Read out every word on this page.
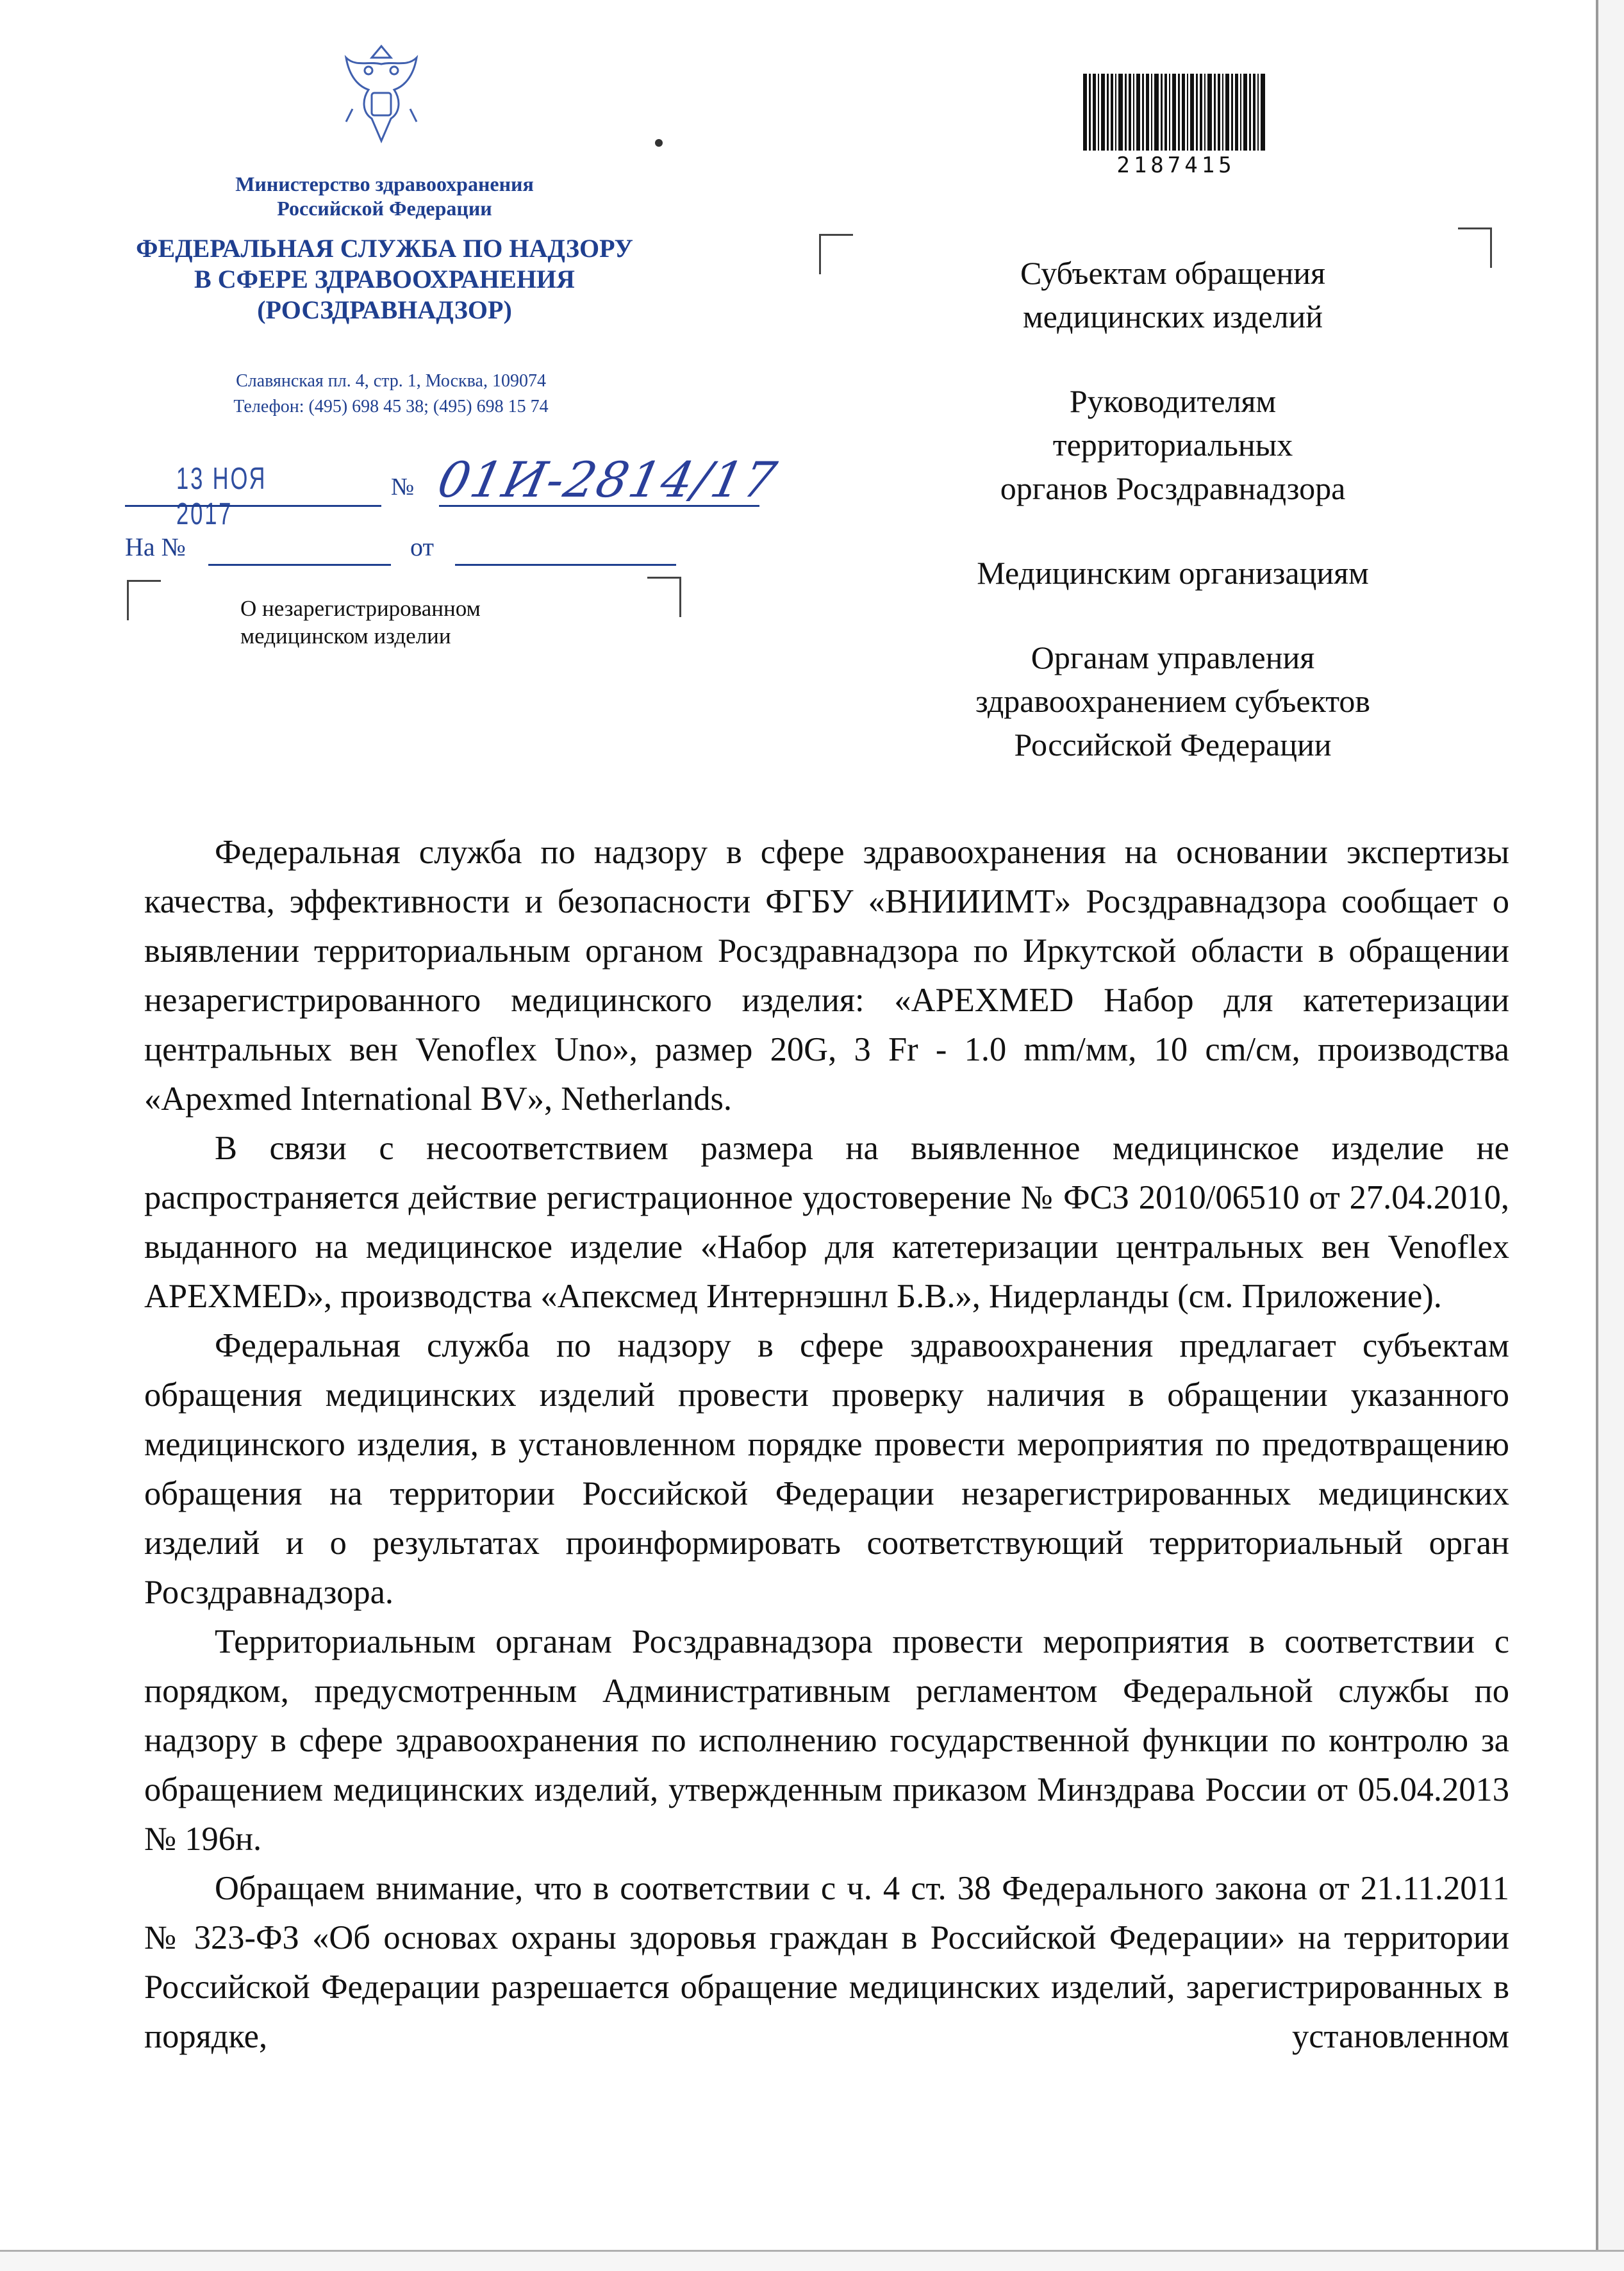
Министерство здравоохранения
Российской Федерации
ФЕДЕРАЛЬНАЯ СЛУЖБА ПО НАДЗОРУ
В СФЕРЕ ЗДРАВООХРАНЕНИЯ
(РОСЗДРАВНАДЗОР)
Славянская пл. 4, стр. 1, Москва, 109074
Телефон: (495) 698 45 38; (495) 698 15 74
13 НОЯ 2017
№ 01И-2814/17
На №	от
О незарегистрированном
медицинском изделии
2187415
Субъектам обращения
медицинских изделий
Руководителям
территориальных
органов Росздравнадзора
Медицинским организациям
Органам управления
здравоохранением субъектов
Российской Федерации

Федеральная служба по надзору в сфере здравоохранения на основании экспертизы качества, эффективности и безопасности ФГБУ «ВНИИИМТ» Росздравнадзора сообщает о выявлении территориальным органом Росздравнадзора по Иркутской области в обращении незарегистрированного медицинского изделия: «APEXMED Набор для катетеризации центральных вен Venoflex Uno», размер 20G, 3 Fr - 1.0 mm/мм, 10 cm/см, производства «Apexmed International BV», Netherlands.

В связи с несоответствием размера на выявленное медицинское изделие не распространяется действие регистрационное удостоверение № ФСЗ 2010/06510 от 27.04.2010, выданного на медицинское изделие «Набор для катетеризации центральных вен Venoflex APEXMED», производства «Апексмед Интернэшнл Б.В.», Нидерланды (см. Приложение).

Федеральная служба по надзору в сфере здравоохранения предлагает субъектам обращения медицинских изделий провести проверку наличия в обращении указанного медицинского изделия, в установленном порядке провести мероприятия по предотвращению обращения на территории Российской Федерации незарегистрированных медицинских изделий и о результатах проинформировать соответствующий территориальный орган Росздравнадзора.

Территориальным органам Росздравнадзора провести мероприятия в соответствии с порядком, предусмотренным Административным регламентом Федеральной службы по надзору в сфере здравоохранения по исполнению государственной функции по контролю за обращением медицинских изделий, утвержденным приказом Минздрава России от 05.04.2013 № 196н.

Обращаем внимание, что в соответствии с ч. 4 ст. 38 Федерального закона от 21.11.2011 № 323-ФЗ «Об основах охраны здоровья граждан в Российской Федерации» на территории Российской Федерации разрешается обращение медицинских изделий, зарегистрированных в порядке, установленном
